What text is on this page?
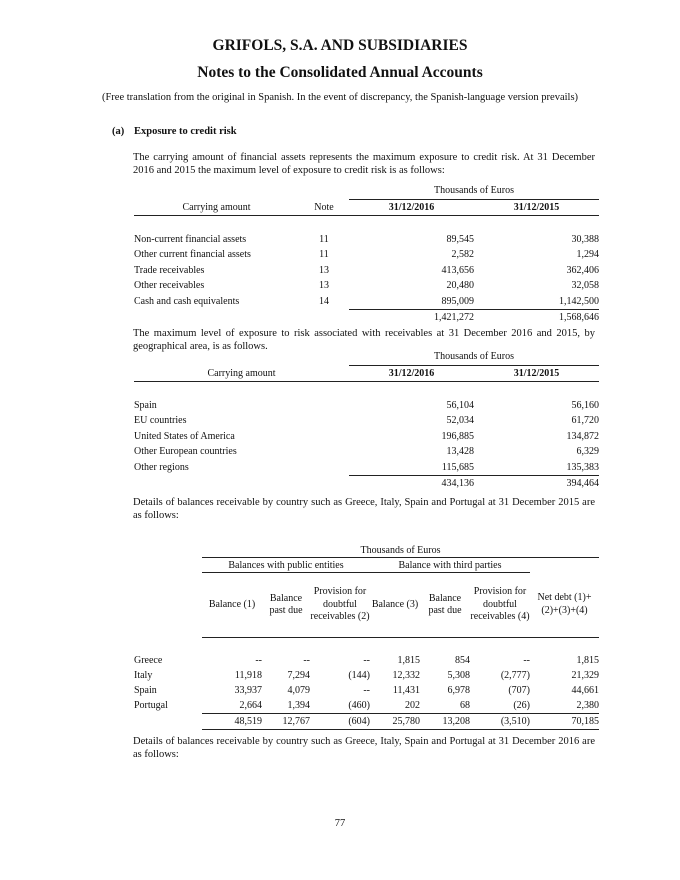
GRIFOLS, S.A. AND SUBSIDIARIES
Notes to the Consolidated Annual Accounts
(Free translation from the original in Spanish. In the event of discrepancy, the Spanish-language version prevails)
(a) Exposure to credit risk
The carrying amount of financial assets represents the maximum exposure to credit risk. At 31 December 2016 and 2015 the maximum level of exposure to credit risk is as follows:
		Thousands of Euros	
Carrying amount	Note	31/12/2016	31/12/2015

Non-current financial assets	11	89,545	30,388
Other current financial assets	11	2,582	1,294
Trade receivables	13	413,656	362,406
Other receivables	13	20,480	32,058
Cash and cash equivalents	14	895,009	1,142,500
		1,421,272	1,568,646
The maximum level of exposure to risk associated with receivables at 31 December 2016 and 2015, by geographical area, is as follows.
	Thousands of Euros	
Carrying amount	31/12/2016	31/12/2015

Spain	56,104	56,160
EU countries	52,034	61,720
United States of America	196,885	134,872
Other European countries	13,428	6,329
Other regions	115,685	135,383
	434,136	394,464
Details of balances receivable by country such as Greece, Italy, Spain and Portugal at 31 December 2015 are as follows:
	Thousands of Euros						
	Balances with public entities			Balance with third parties			
	Balance (1)	Balance past due	Provision for doubtful receivables (2)	Balance (3)	Balance past due	Provision for doubtful receivables (4)	Net debt (1)+(2)+(3)+(4)

Greece	--	--	--	1,815	854	--	1,815
Italy	11,918	7,294	(144)	12,332	5,308	(2,777)	21,329
Spain	33,937	4,079	--	11,431	6,978	(707)	44,661
Portugal	2,664	1,394	(460)	202	68	(26)	2,380
	48,519	12,767	(604)	25,780	13,208	(3,510)	70,185
Details of balances receivable by country such as Greece, Italy, Spain and Portugal at 31 December 2016 are as follows:
77
